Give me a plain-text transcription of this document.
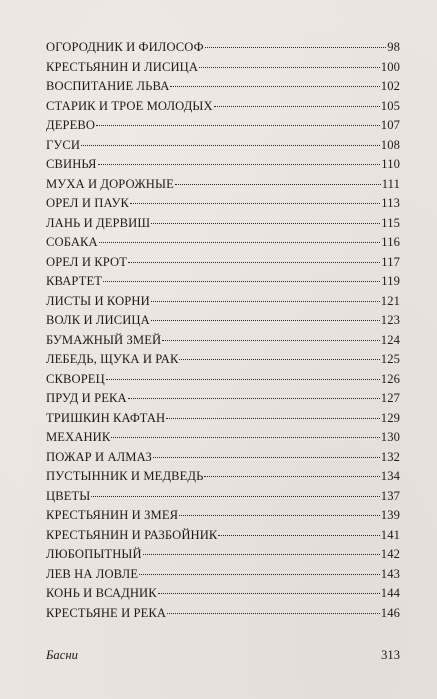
ОГОРОДНИК И ФИЛОСОФ	98
КРЕСТЬЯНИН И ЛИСИЦА	100
ВОСПИТАНИЕ ЛЬВА	102
СТАРИК И ТРОЕ МОЛОДЫХ	105
ДЕРЕВО	107
ГУСИ	108
СВИНЬЯ	110
МУХА И ДОРОЖНЫЕ	111
ОРЕЛ И ПАУК	113
ЛАНЬ И ДЕРВИШ	115
СОБАКА	116
ОРЕЛ И КРОТ	117
КВАРТЕТ	119
ЛИСТЫ И КОРНИ	121
ВОЛК И ЛИСИЦА	123
БУМАЖНЫЙ ЗМЕЙ	124
ЛЕБЕДЬ, ЩУКА И РАК	125
СКВОРЕЦ	126
ПРУД И РЕКА	127
ТРИШКИН КАФТАН	129
МЕХАНИК	130
ПОЖАР И АЛМАЗ	132
ПУСТЫННИК И МЕДВЕДЬ	134
ЦВЕТЫ	137
КРЕСТЬЯНИН И ЗМЕЯ	139
КРЕСТЬЯНИН И РАЗБОЙНИК	141
ЛЮБОПЫТНЫЙ	142
ЛЕВ НА ЛОВЛЕ	143
КОНЬ И ВСАДНИК	144
КРЕСТЬЯНЕ И РЕКА	146
Басни	313
